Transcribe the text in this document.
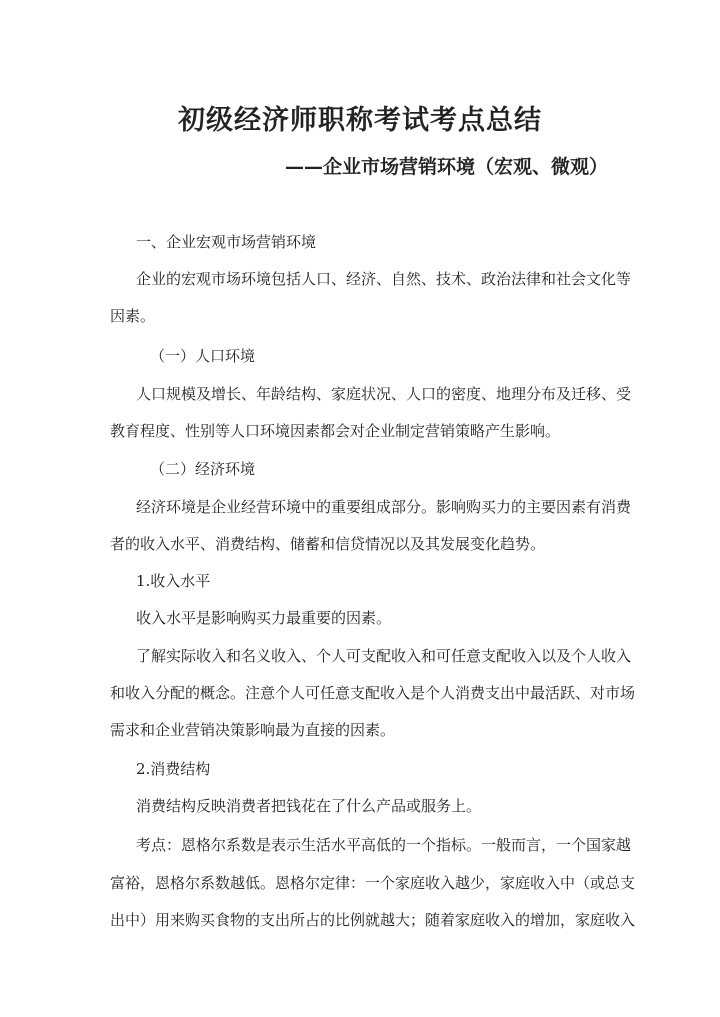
初级经济师职称考试考点总结
——企业市场营销环境（宏观、微观）
一、企业宏观市场营销环境
企业的宏观市场环境包括人口、经济、自然、技术、政治法律和社会文化等
因素。
（一）人口环境
人口规模及增长、年龄结构、家庭状况、人口的密度、地理分布及迁移、受
教育程度、性别等人口环境因素都会对企业制定营销策略产生影响。
（二）经济环境
经济环境是企业经营环境中的重要组成部分。影响购买力的主要因素有消费
者的收入水平、消费结构、储蓄和信贷情况以及其发展变化趋势。
1.收入水平
收入水平是影响购买力最重要的因素。
了解实际收入和名义收入、个人可支配收入和可任意支配收入以及个人收入
和收入分配的概念。注意个人可任意支配收入是个人消费支出中最活跃、对市场
需求和企业营销决策影响最为直接的因素。
2.消费结构
消费结构反映消费者把钱花在了什么产品或服务上。
考点：恩格尔系数是表示生活水平高低的一个指标。一般而言，一个国家越
富裕，恩格尔系数越低。恩格尔定律：一个家庭收入越少，家庭收入中（或总支
出中）用来购买食物的支出所占的比例就越大；随着家庭收入的增加，家庭收入
